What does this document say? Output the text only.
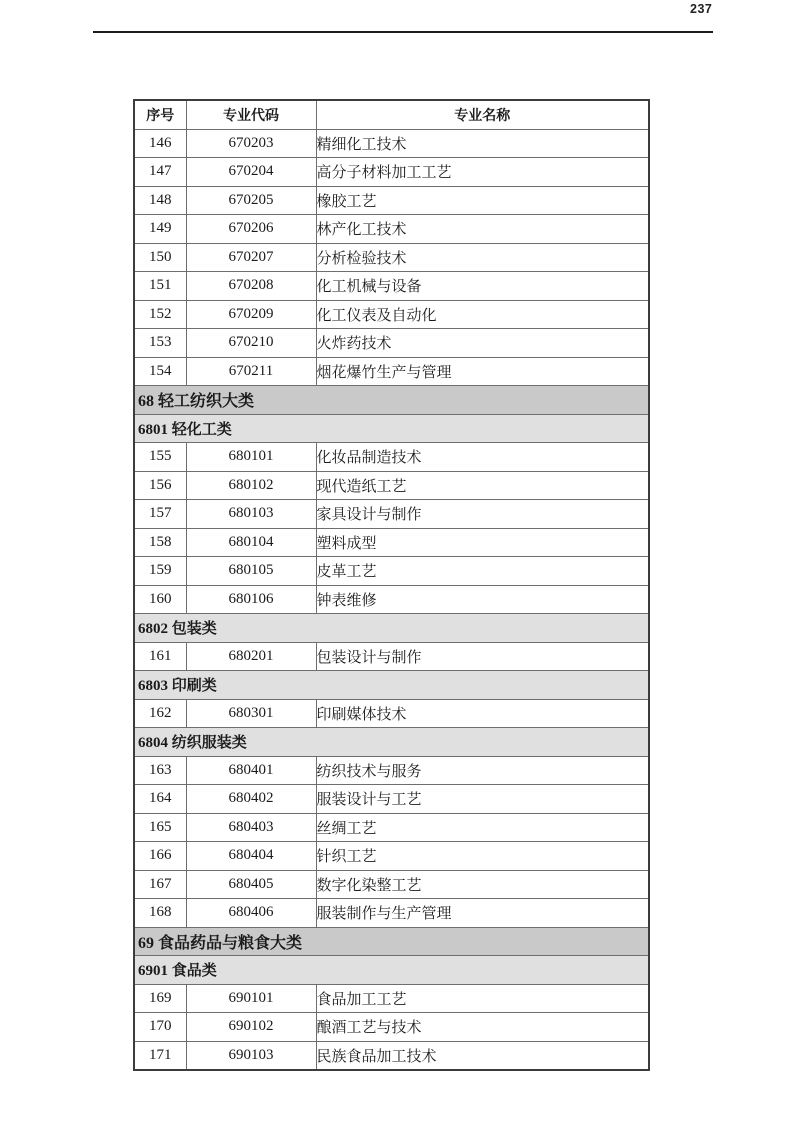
237
序号	专业代码	专业名称
146	670203	精细化工技术
147	670204	高分子材料加工工艺
148	670205	橡胶工艺
149	670206	林产化工技术
150	670207	分析检验技术
151	670208	化工机械与设备
152	670209	化工仪表及自动化
153	670210	火炸药技术
154	670211	烟花爆竹生产与管理
68 轻工纺织大类		
6801 轻化工类		
155	680101	化妆品制造技术
156	680102	现代造纸工艺
157	680103	家具设计与制作
158	680104	塑料成型
159	680105	皮革工艺
160	680106	钟表维修
6802 包装类		
161	680201	包装设计与制作
6803 印刷类		
162	680301	印刷媒体技术
6804 纺织服装类		
163	680401	纺织技术与服务
164	680402	服装设计与工艺
165	680403	丝绸工艺
166	680404	针织工艺
167	680405	数字化染整工艺
168	680406	服装制作与生产管理
69 食品药品与粮食大类		
6901 食品类		
169	690101	食品加工工艺
170	690102	酿酒工艺与技术
171	690103	民族食品加工技术
